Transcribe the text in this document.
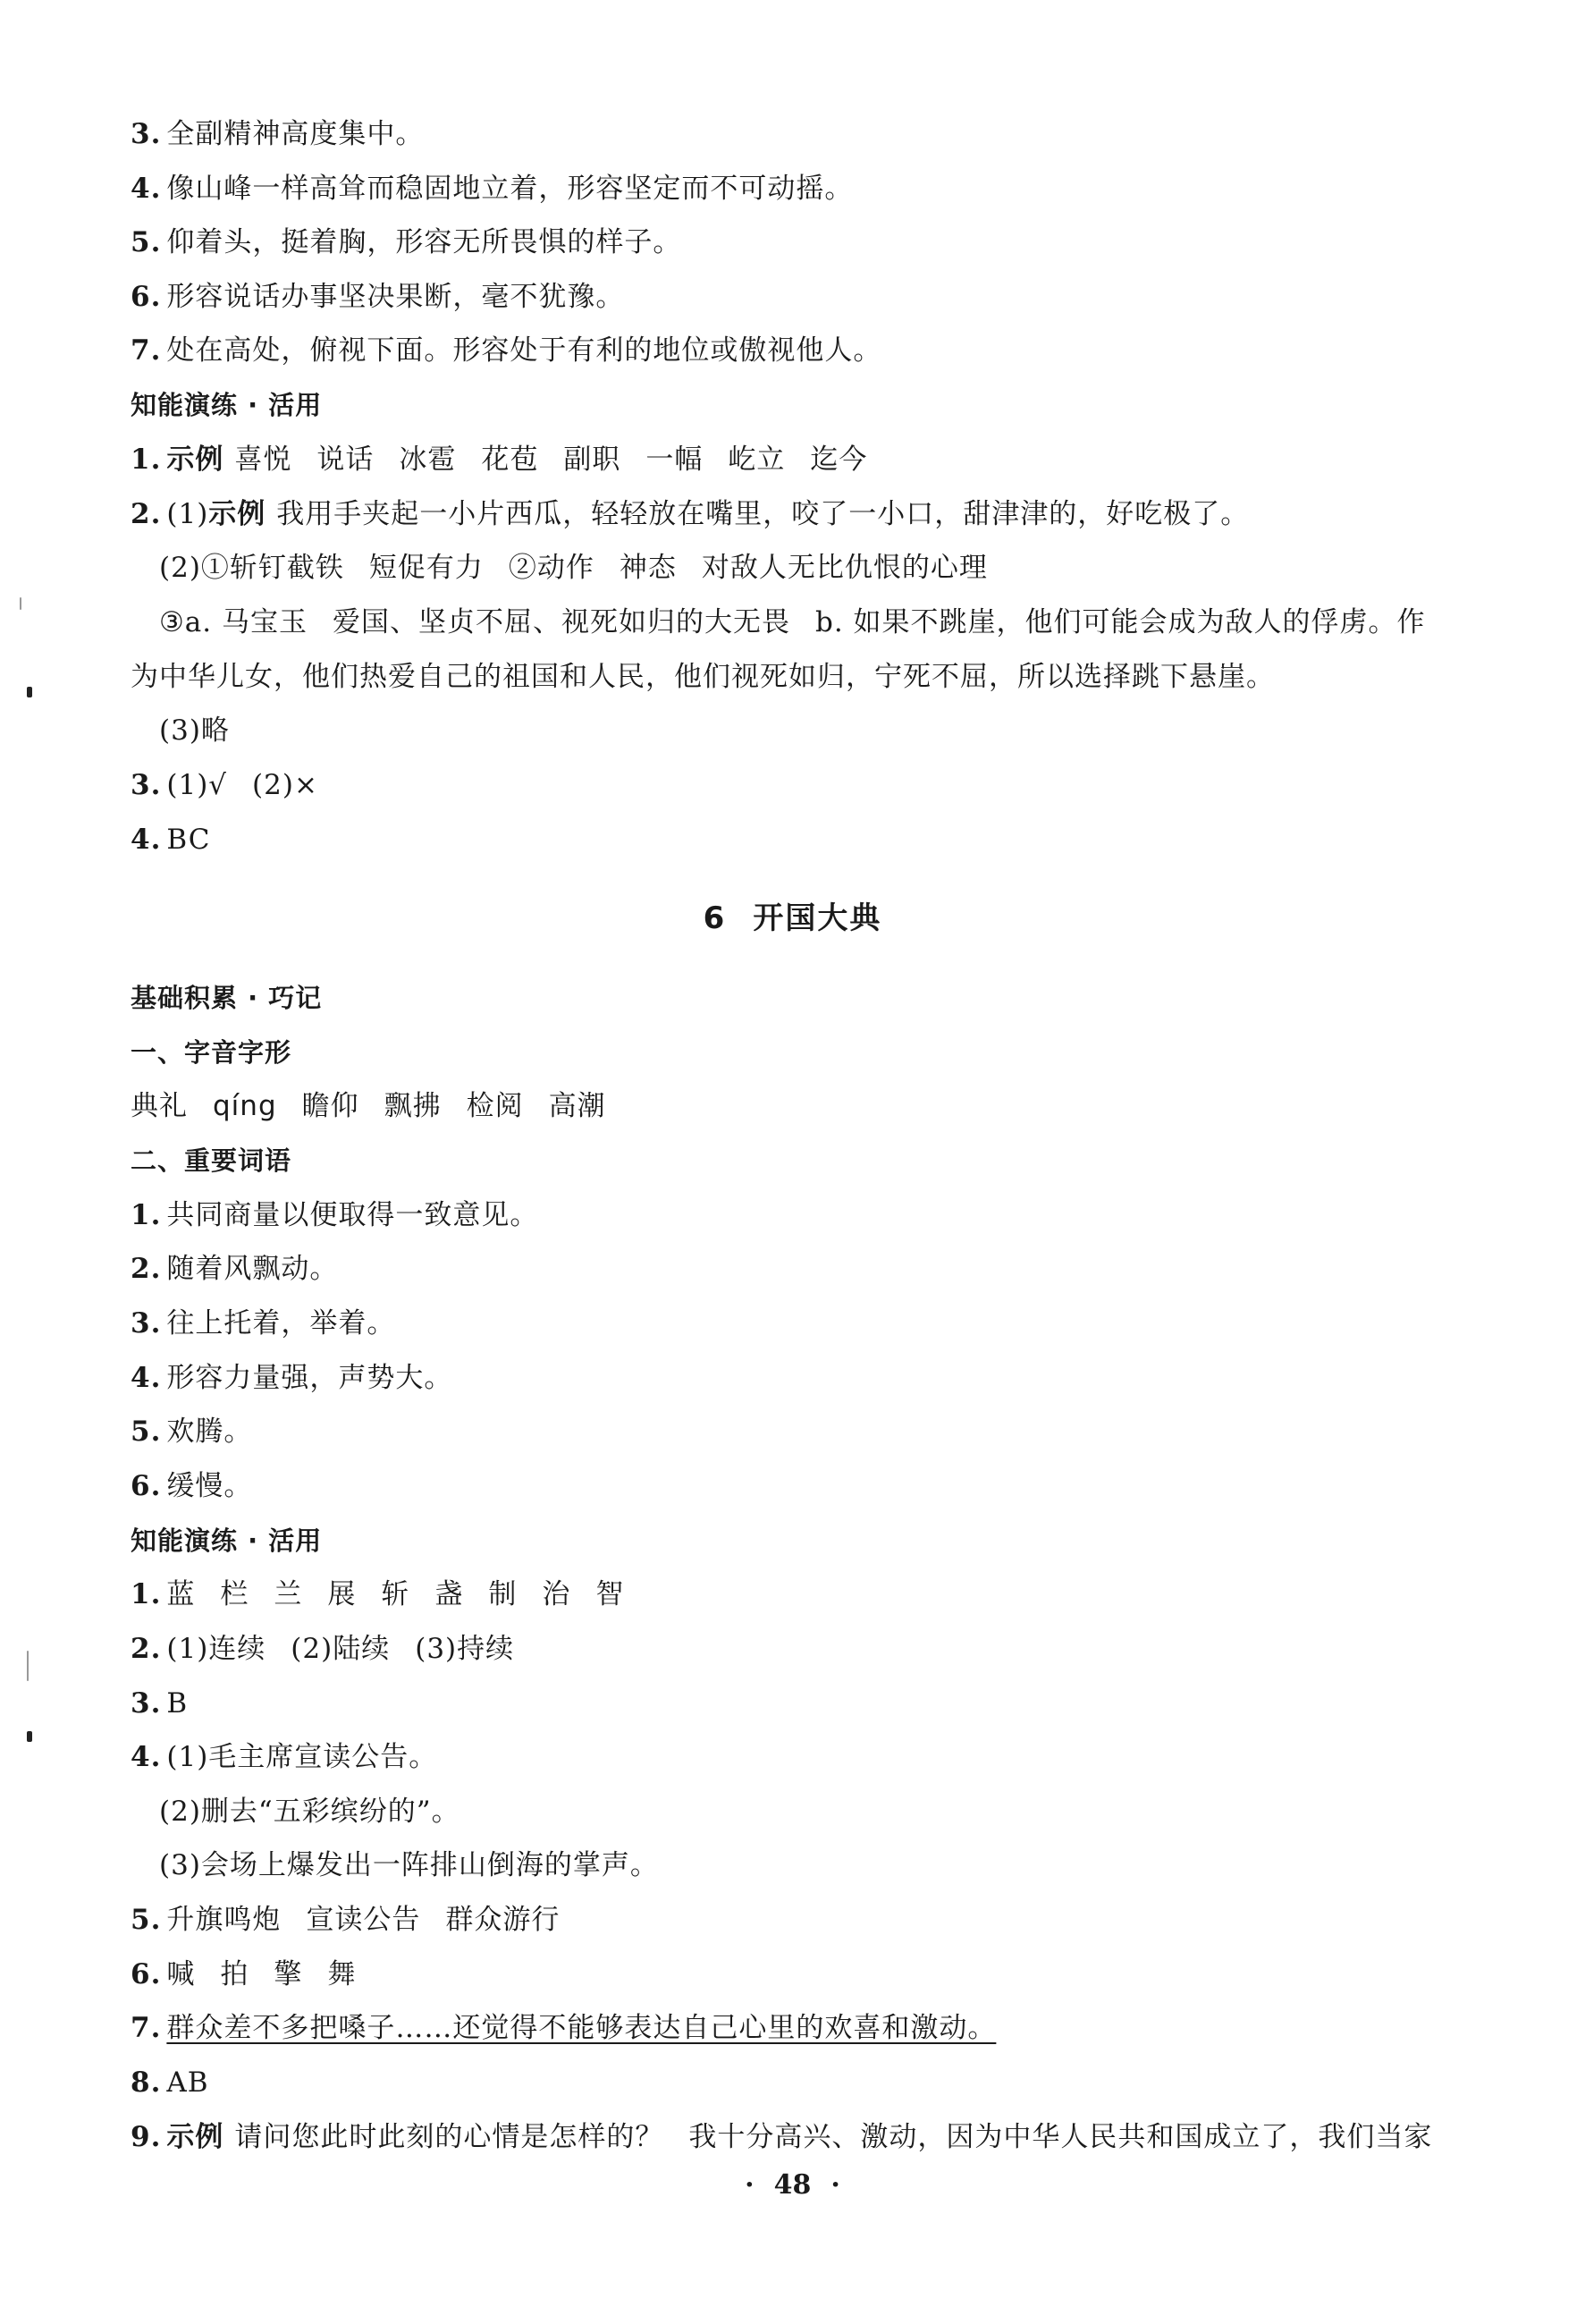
3. 全副精神高度集中。
4. 像山峰一样高耸而稳固地立着，形容坚定而不可动摇。
5. 仰着头，挺着胸，形容无所畏惧的样子。
6. 形容说话办事坚决果断，毫不犹豫。
7. 处在高处，俯视下面。形容处于有利的地位或傲视他人。
知能演练 · 活用
1. 示例 喜悦 说话 冰雹 花苞 副职 一幅 屹立 迄今
2. (1)示例 我用手夹起一小片西瓜，轻轻放在嘴里，咬了一小口，甜津津的，好吃极了。
(2)①斩钉截铁 短促有力 ②动作 神态 对敌人无比仇恨的心理
③a. 马宝玉 爱国、坚贞不屈、视死如归的大无畏 b. 如果不跳崖，他们可能会成为敌人的俘虏。作
为中华儿女，他们热爱自己的祖国和人民，他们视死如归，宁死不屈，所以选择跳下悬崖。
(3)略
3. (1)√ (2)×
4. BC
6 开国大典
基础积累 · 巧记
一、字音字形
典礼 qíng 瞻仰 飘拂 检阅 高潮
二、重要词语
1. 共同商量以便取得一致意见。
2. 随着风飘动。
3. 往上托着，举着。
4. 形容力量强，声势大。
5. 欢腾。
6. 缓慢。
知能演练 · 活用
1. 蓝 栏 兰 展 斩 盏 制 治 智
2. (1)连续 (2)陆续 (3)持续
3. B
4. (1)毛主席宣读公告。
(2)删去“五彩缤纷的”。
(3)会场上爆发出一阵排山倒海的掌声。
5. 升旗鸣炮 宣读公告 群众游行
6. 喊 拍 擎 舞
7. 群众差不多把嗓子……还觉得不能够表达自己心里的欢喜和激动。
8. AB
9. 示例 请问您此时此刻的心情是怎样的？ 我十分高兴、激动，因为中华人民共和国成立了，我们当家
· 48 ·
